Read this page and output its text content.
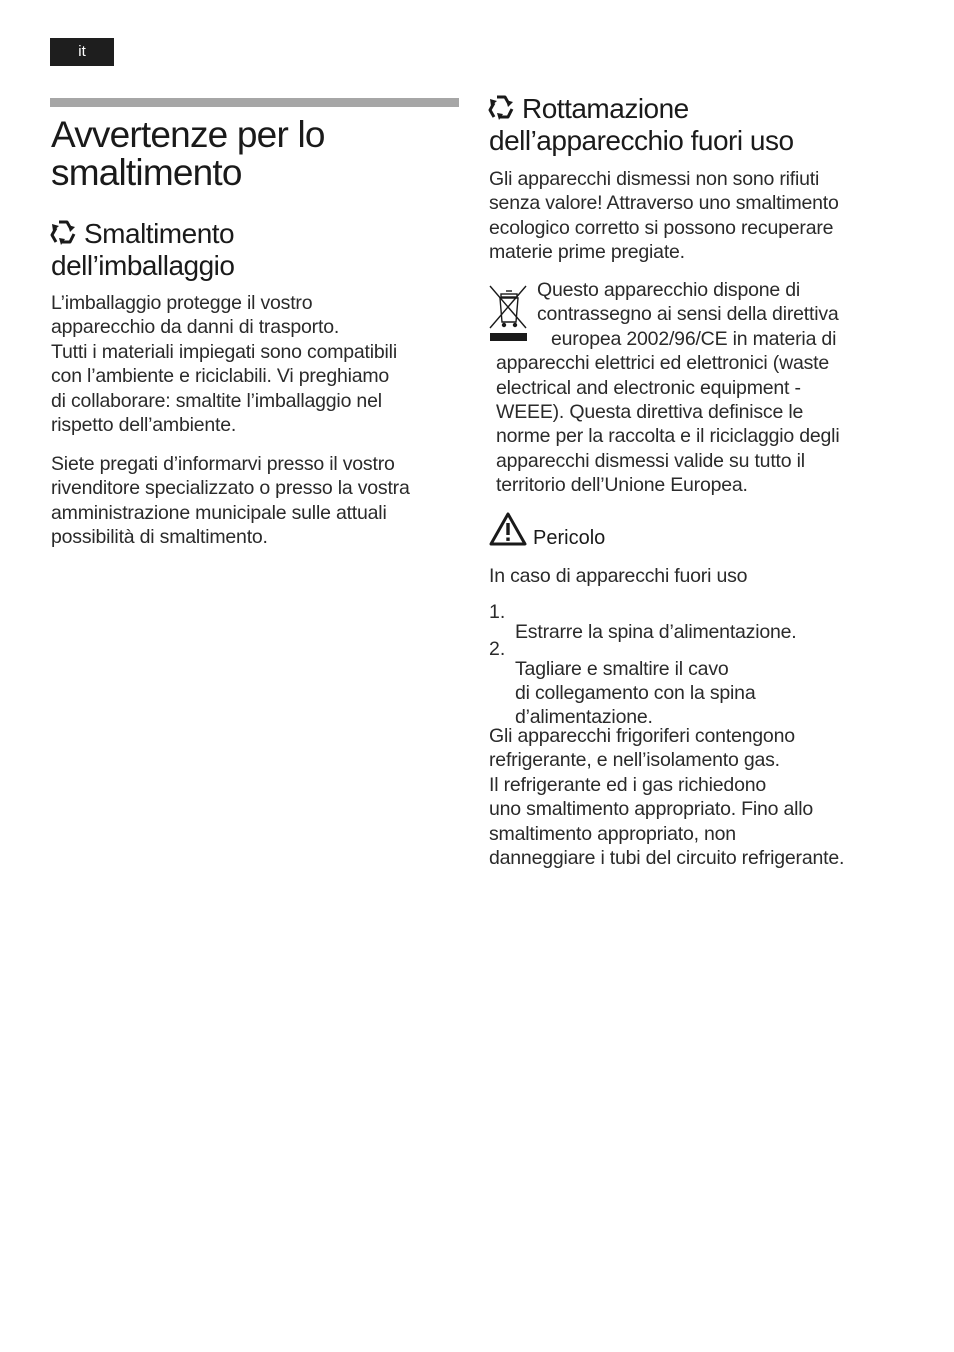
it
Avvertenze per lo
smaltimento
Smaltimento
dell’imballaggio

L’imballaggio protegge il vostro
apparecchio da danni di trasporto.
Tutti i materiali impiegati sono compatibili
con l’ambiente e riciclabili. Vi preghiamo
di collaborare: smaltite l’imballaggio nel
rispetto dell’ambiente.

Siete pregati d’informarvi presso il vostro
rivenditore specializzato o presso la vostra
amministrazione municipale sulle attuali
possibilità di smaltimento.

Rottamazione
dell’apparecchio fuori uso

Gli apparecchi dismessi non sono rifiuti
senza valore! Attraverso uno smaltimento
ecologico corretto si possono recuperare
materie prime pregiate.

Questo apparecchio dispone di
contrassegno ai sensi della direttiva
europea 2002/96/CE in materia di
apparecchi elettrici ed elettronici (waste
electrical and electronic equipment -
WEEE). Questa direttiva definisce le
norme per la raccolta e il riciclaggio degli
apparecchi dismessi valide su tutto il
territorio dell’Unione Europea.

Pericolo

In caso di apparecchi fuori uso

1.

Estrarre la spina d’alimentazione.

2.

Tagliare e smaltire il cavo
di collegamento con la spina
d’alimentazione.

Gli apparecchi frigoriferi contengono
refrigerante, e nell’isolamento gas.
Il refrigerante ed i gas richiedono
uno smaltimento appropriato. Fino allo
smaltimento appropriato, non
danneggiare i tubi del circuito refrigerante.
